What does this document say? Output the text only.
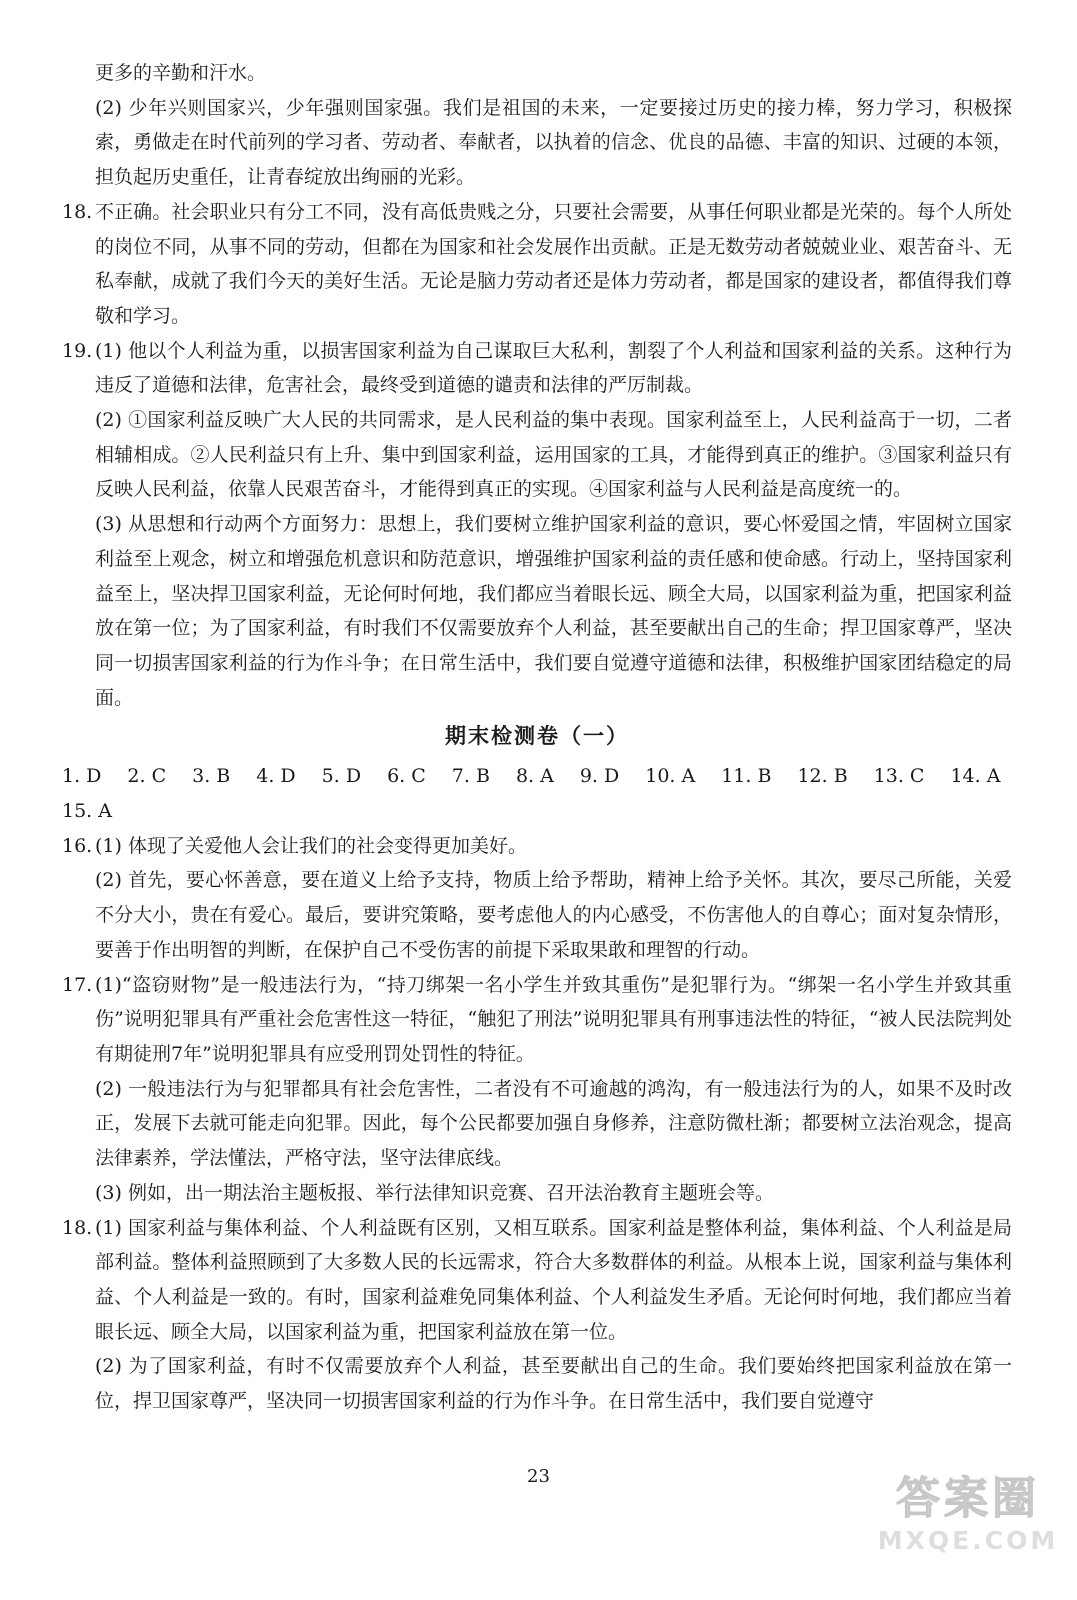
更多的辛勤和汗水。

(2) 少年兴则国家兴，少年强则国家强。我们是祖国的未来，一定要接过历史的接力棒，努力学习，积极探索，勇做走在时代前列的学习者、劳动者、奉献者，以执着的信念、优良的品德、丰富的知识、过硬的本领，担负起历史重任，让青春绽放出绚丽的光彩。

18. 不正确。社会职业只有分工不同，没有高低贵贱之分，只要社会需要，从事任何职业都是光荣的。每个人所处的岗位不同，从事不同的劳动，但都在为国家和社会发展作出贡献。正是无数劳动者兢兢业业、艰苦奋斗、无私奉献，成就了我们今天的美好生活。无论是脑力劳动者还是体力劳动者，都是国家的建设者，都值得我们尊敬和学习。
19. (1) 他以个人利益为重，以损害国家利益为自己谋取巨大私利，割裂了个人利益和国家利益的关系。这种行为违反了道德和法律，危害社会，最终受到道德的谴责和法律的严厉制裁。

(2) ①国家利益反映广大人民的共同需求，是人民利益的集中表现。国家利益至上，人民利益高于一切，二者相辅相成。②人民利益只有上升、集中到国家利益，运用国家的工具，才能得到真正的维护。③国家利益只有反映人民利益，依靠人民艰苦奋斗，才能得到真正的实现。④国家利益与人民利益是高度统一的。

(3) 从思想和行动两个方面努力：思想上，我们要树立维护国家利益的意识，要心怀爱国之情，牢固树立国家利益至上观念，树立和增强危机意识和防范意识，增强维护国家利益的责任感和使命感。行动上，坚持国家利益至上，坚决捍卫国家利益，无论何时何地，我们都应当着眼长远、顾全大局，以国家利益为重，把国家利益放在第一位；为了国家利益，有时我们不仅需要放弃个人利益，甚至要献出自己的生命；捍卫国家尊严，坚决同一切损害国家利益的行为作斗争；在日常生活中，我们要自觉遵守道德和法律，积极维护国家团结稳定的局面。

期末检测卷（一）
1. D 2. C 3. B 4. D 5. D 6. C 7. B 8. A 9. D 10. A 11. B 12. B 13. C 14. A
15. A
16. (1) 体现了关爱他人会让我们的社会变得更加美好。

(2) 首先，要心怀善意，要在道义上给予支持，物质上给予帮助，精神上给予关怀。其次，要尽己所能，关爱不分大小，贵在有爱心。最后，要讲究策略，要考虑他人的内心感受，不伤害他人的自尊心；面对复杂情形，要善于作出明智的判断，在保护自己不受伤害的前提下采取果敢和理智的行动。

17. (1)“盗窃财物”是一般违法行为，“持刀绑架一名小学生并致其重伤”是犯罪行为。“绑架一名小学生并致其重伤”说明犯罪具有严重社会危害性这一特征，“触犯了刑法”说明犯罪具有刑事违法性的特征，“被人民法院判处有期徒刑7年”说明犯罪具有应受刑罚处罚性的特征。

(2) 一般违法行为与犯罪都具有社会危害性，二者没有不可逾越的鸿沟，有一般违法行为的人，如果不及时改正，发展下去就可能走向犯罪。因此，每个公民都要加强自身修养，注意防微杜渐；都要树立法治观念，提高法律素养，学法懂法，严格守法，坚守法律底线。

(3) 例如，出一期法治主题板报、举行法律知识竞赛、召开法治教育主题班会等。

18. (1) 国家利益与集体利益、个人利益既有区别，又相互联系。国家利益是整体利益，集体利益、个人利益是局部利益。整体利益照顾到了大多数人民的长远需求，符合大多数群体的利益。从根本上说，国家利益与集体利益、个人利益是一致的。有时，国家利益难免同集体利益、个人利益发生矛盾。无论何时何地，我们都应当着眼长远、顾全大局，以国家利益为重，把国家利益放在第一位。

(2) 为了国家利益，有时不仅需要放弃个人利益，甚至要献出自己的生命。我们要始终把国家利益放在第一位，捍卫国家尊严，坚决同一切损害国家利益的行为作斗争。在日常生活中，我们要自觉遵守

23	答案圈
MXQE.COM
